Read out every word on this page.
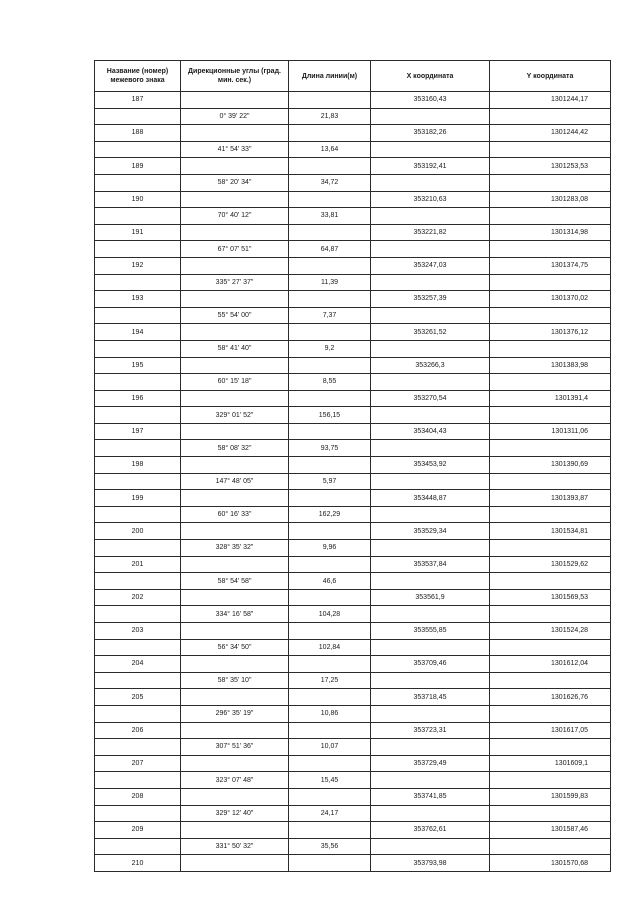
Название (номер) межевого знака	Дирекционные углы (град. мин. сек.)	Длина линии(м)	X координата	Y координата
187			353160,43	1301244,17
	0° 39' 22"	21,83		
188			353182,26	1301244,42
	41° 54' 33"	13,64		
189			353192,41	1301253,53
	58° 20' 34"	34,72		
190			353210,63	1301283,08
	70° 40' 12"	33,81		
191			353221,82	1301314,98
	67° 07' 51"	64,87		
192			353247,03	1301374,75
	335° 27' 37"	11,39		
193			353257,39	1301370,02
	55° 54' 00"	7,37		
194			353261,52	1301376,12
	58° 41' 40"	9,2		
195			353266,3	1301383,98
	60° 15' 18"	8,55		
196			353270,54	1301391,4
	329° 01' 52"	156,15		
197			353404,43	1301311,06
	58° 08' 32"	93,75		
198			353453,92	1301390,69
	147° 48' 05"	5,97		
199			353448,87	1301393,87
	60° 16' 33"	162,29		
200			353529,34	1301534,81
	328° 35' 32"	9,96		
201			353537,84	1301529,62
	58° 54' 58"	46,6		
202			353561,9	1301569,53
	334° 16' 58"	104,28		
203			353555,85	1301524,28
	56° 34' 50"	102,84		
204			353709,46	1301612,04
	58° 35' 10"	17,25		
205			353718,45	1301626,76
	296° 35' 19"	10,86		
206			353723,31	1301617,05
	307° 51' 36"	10,07		
207			353729,49	1301609,1
	323° 07' 48"	15,45		
208			353741,85	1301599,83
	329° 12' 40"	24,17		
209			353762,61	1301587,46
	331° 50' 32"	35,56		
210			353793,98	1301570,68
